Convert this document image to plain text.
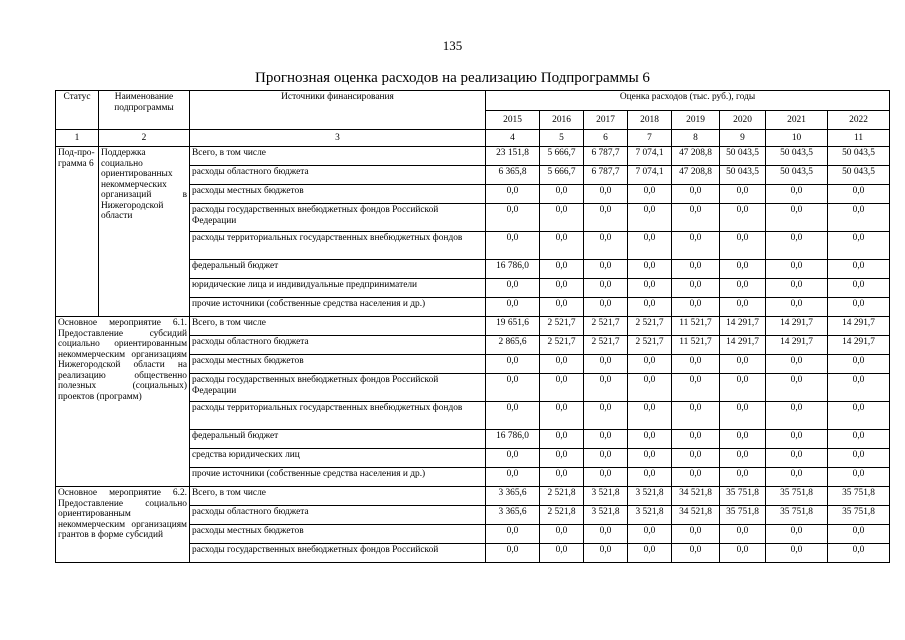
135
Прогнозная оценка расходов на реализацию Подпрограммы 6
Статус	Наименование подпрограммы	Источники финансирования	Оценка расходов (тыс. руб.), годы							
			2015	2016	2017	2018	2019	2020	2021	2022
1	2	3	4	5	6	7	8	9	10	11
Под-про-грамма 6	Поддержка социально ориентированных некоммерческих организаций в Нижегородской области	Всего, в том числе	23 151,8	5 666,7	6 787,7	7 074,1	47 208,8	50 043,5	50 043,5	50 043,5
		расходы областного бюджета	6 365,8	5 666,7	6 787,7	7 074,1	47 208,8	50 043,5	50 043,5	50 043,5
		расходы местных бюджетов	0,0	0,0	0,0	0,0	0,0	0,0	0,0	0,0
		расходы государственных внебюджетных фондов Российской Федерации	0,0	0,0	0,0	0,0	0,0	0,0	0,0	0,0
		расходы территориальных государственных внебюджетных фондов	0,0	0,0	0,0	0,0	0,0	0,0	0,0	0,0
		федеральный бюджет	16 786,0	0,0	0,0	0,0	0,0	0,0	0,0	0,0
		юридические лица и индивидуальные предприниматели	0,0	0,0	0,0	0,0	0,0	0,0	0,0	0,0
		прочие источники (собственные средства населения и др.)	0,0	0,0	0,0	0,0	0,0	0,0	0,0	0,0
Основное мероприятие 6.1. Предоставление субсидий социально ориентированным некоммерческим организациям Нижегородской области на реализацию общественно полезных (социальных) проектов (программ)		Всего, в том числе	19 651,6	2 521,7	2 521,7	2 521,7	11 521,7	14 291,7	14 291,7	14 291,7
		расходы областного бюджета	2 865,6	2 521,7	2 521,7	2 521,7	11 521,7	14 291,7	14 291,7	14 291,7
		расходы местных бюджетов	0,0	0,0	0,0	0,0	0,0	0,0	0,0	0,0
		расходы государственных внебюджетных фондов Российской Федерации	0,0	0,0	0,0	0,0	0,0	0,0	0,0	0,0
		расходы территориальных государственных внебюджетных фондов	0,0	0,0	0,0	0,0	0,0	0,0	0,0	0,0
		федеральный бюджет	16 786,0	0,0	0,0	0,0	0,0	0,0	0,0	0,0
		средства юридических лиц	0,0	0,0	0,0	0,0	0,0	0,0	0,0	0,0
		прочие источники (собственные средства населения и др.)	0,0	0,0	0,0	0,0	0,0	0,0	0,0	0,0
Основное мероприятие 6.2. Предоставление социально ориентированным некоммерческим организациям грантов в форме субсидий		Всего, в том числе	3 365,6	2 521,8	3 521,8	3 521,8	34 521,8	35 751,8	35 751,8	35 751,8
		расходы областного бюджета	3 365,6	2 521,8	3 521,8	3 521,8	34 521,8	35 751,8	35 751,8	35 751,8
		расходы местных бюджетов	0,0	0,0	0,0	0,0	0,0	0,0	0,0	0,0
		расходы государственных внебюджетных фондов Российской	0,0	0,0	0,0	0,0	0,0	0,0	0,0	0,0
